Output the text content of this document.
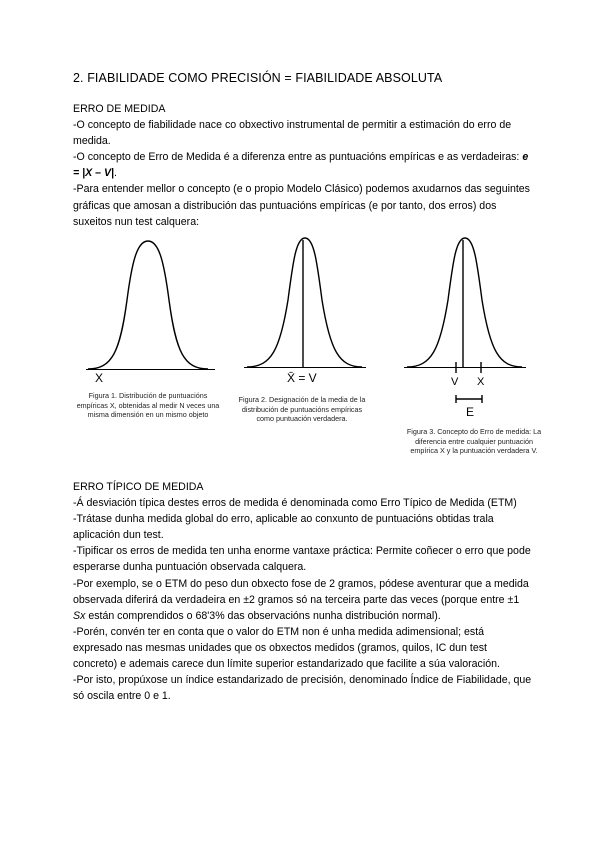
2. FIABILIDADE COMO PRECISIÓN = FIABILIDADE ABSOLUTA

ERRO DE MEDIDA

-O concepto de fiabilidade nace co obxectivo instrumental de permitir a estimación do erro de medida.

-O concepto de Erro de Medida é a diferenza entre as puntuacións empíricas e as verdadeiras: e = |X – V|.

-Para entender mellor o concepto (e o propio Modelo Clásico) podemos axudarnos das seguintes gráficas que amosan a distribución das puntuacións empíricas (e por tanto, dos erros) dos suxeitos nun test calquera:

X	X̄ = V	V X
E
Figura 1. Distribución de puntuacións empíricas X, obtenidas al medir N veces una misma dimensión en un mismo objeto
Figura 2. Designación de la media de la distribución de puntuacións empíricas como puntuación verdadera.
Figura 3. Concepto do Erro de medida: La diferencia entre cualquier puntuación empírica X y la puntuación verdadera V.

ERRO TÍPICO DE MEDIDA

-Á desviación típica destes erros de medida é denominada como Erro Típico de Medida (ETM)

-Trátase dunha medida global do erro, aplicable ao conxunto de puntuacións obtidas trala aplicación dun test.

-Tipificar os erros de medida ten unha enorme vantaxe práctica: Permite coñecer o erro que pode esperarse dunha puntuación observada calquera.

-Por exemplo, se o ETM do peso dun obxecto fose de 2 gramos, pódese aventurar que a medida observada diferirá da verdadeira en ±2 gramos só na terceira parte das veces (porque entre ±1 Sx están comprendidos o 68'3% das observacións nunha distribución normal).

-Porén, convén ter en conta que o valor do ETM non é unha medida adimensional; está expresado nas mesmas unidades que os obxectos medidos (gramos, quilos, IC dun test concreto) e ademais carece dun límite superior estandarizado que facilite a súa valoración.

-Por isto, propúxose un índice estandarizado de precisión, denominado Índice de Fiabilidade, que só oscila entre 0 e 1.
